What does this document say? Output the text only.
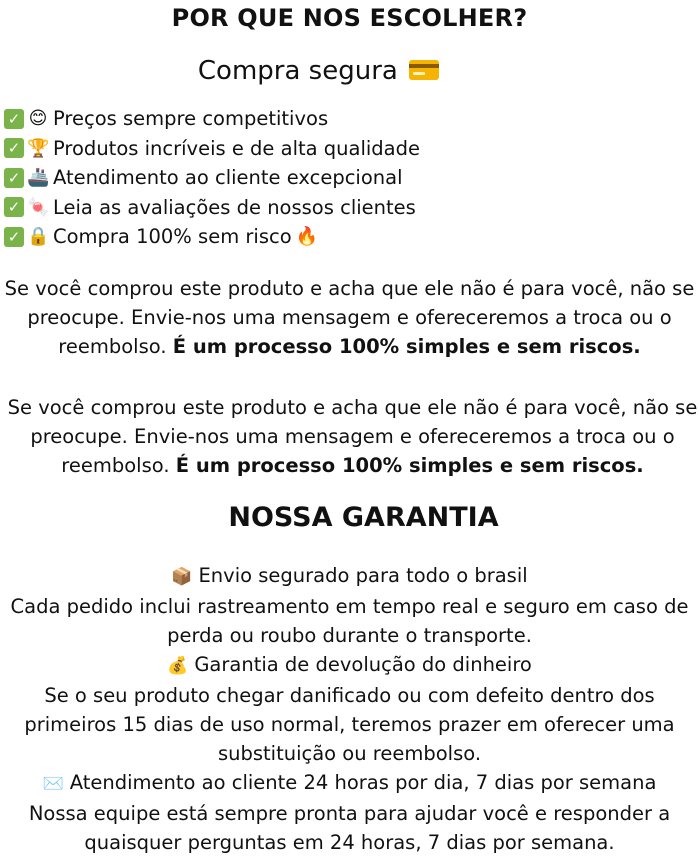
POR QUE NOS ESCOLHER?
Compra segura
✓ 😊 Preços sempre competitivos
✓ 🏆 Produtos incríveis e de alta qualidade
✓ 🚢 Atendimento ao cliente excepcional
✓ 🍬 Leia as avaliações de nossos clientes
✓ 🔒 Compra 100% sem risco 🔥

Se você comprou este produto e acha que ele não é para você, não se preocupe. Envie-nos uma mensagem e ofereceremos a troca ou o reembolso. É um processo 100% simples e sem riscos.

Se você comprou este produto e acha que ele não é para você, não se preocupe. Envie-nos uma mensagem e ofereceremos a troca ou o reembolso. É um processo 100% simples e sem riscos.

NOSSA GARANTIA
📦 Envio segurado para todo o brasil
Cada pedido inclui rastreamento em tempo real e seguro em caso de perda ou roubo durante o transporte.
💰 Garantia de devolução do dinheiro
Se o seu produto chegar danificado ou com defeito dentro dos primeiros 15 dias de uso normal, teremos prazer em oferecer uma substituição ou reembolso.
✉️ Atendimento ao cliente 24 horas por dia, 7 dias por semana
Nossa equipe está sempre pronta para ajudar você e responder a quaisquer perguntas em 24 horas, 7 dias por semana.
